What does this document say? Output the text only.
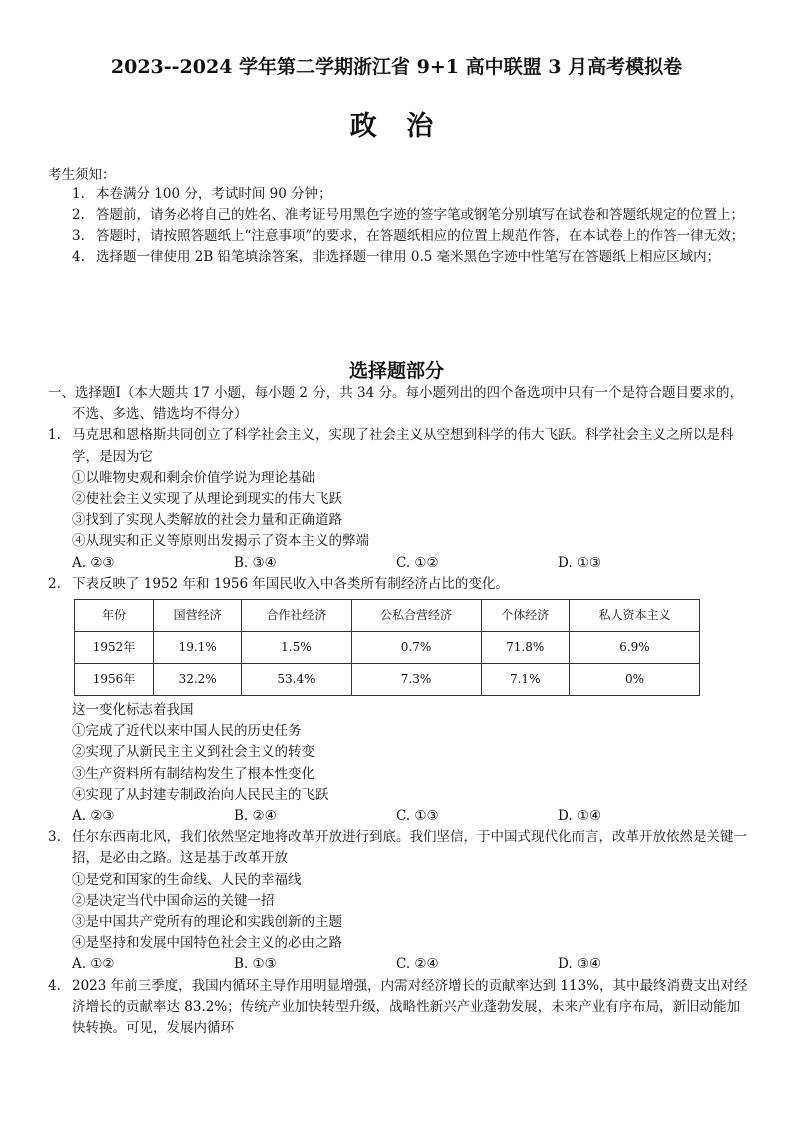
2023--2024 学年第二学期浙江省 9+1 高中联盟 3 月高考模拟卷
政 治
考生须知：
1. 本卷满分 100 分，考试时间 90 分钟；
2. 答题前，请务必将自己的姓名、准考证号用黑色字迹的签字笔或钢笔分别填写在试卷和答题纸规定的位置上；
3. 答题时，请按照答题纸上“注意事项”的要求，在答题纸相应的位置上规范作答，在本试卷上的作答一律无效；
4. 选择题一律使用 2B 铅笔填涂答案，非选择题一律用 0.5 毫米黑色字迹中性笔写在答题纸上相应区域内；
选择题部分
一、选择题Ⅰ（本大题共 17 小题，每小题 2 分，共 34 分。每小题列出的四个备选项中只有一个是符合题目要求的，不选、多选、错选均不得分）
1. 马克思和恩格斯共同创立了科学社会主义，实现了社会主义从空想到科学的伟大飞跃。科学社会主义之所以是科学，是因为它
①以唯物史观和剩余价值学说为理论基础
②使社会主义实现了从理论到现实的伟大飞跃
③找到了实现人类解放的社会力量和正确道路
④从现实和正义等原则出发揭示了资本主义的弊端
A. ②③	B. ③④	C. ①②	D. ①③
2. 下表反映了 1952 年和 1956 年国民收入中各类所有制经济占比的变化。
年份	国营经济	合作社经济	公私合营经济	个体经济	私人资本主义
1952年	19.1%	1.5%	0.7%	71.8%	6.9%
1956年	32.2%	53.4%	7.3%	7.1%	0%
这一变化标志着我国
①完成了近代以来中国人民的历史任务
②实现了从新民主主义到社会主义的转变
③生产资料所有制结构发生了根本性变化
④实现了从封建专制政治向人民民主的飞跃
A. ②③	B. ②④	C. ①③	D. ①④
3. 任尔东西南北风，我们依然坚定地将改革开放进行到底。我们坚信，于中国式现代化而言，改革开放依然是关键一招，是必由之路。这是基于改革开放
①是党和国家的生命线、人民的幸福线
②是决定当代中国命运的关键一招
③是中国共产党所有的理论和实践创新的主题
④是坚持和发展中国特色社会主义的必由之路
A. ①②	B. ①③	C. ②④	D. ③④
4. 2023 年前三季度，我国内循环主导作用明显增强，内需对经济增长的贡献率达到 113%，其中最终消费支出对经济增长的贡献率达 83.2%；传统产业加快转型升级，战略性新兴产业蓬勃发展，未来产业有序布局，新旧动能加快转换。可见，发展内循环
